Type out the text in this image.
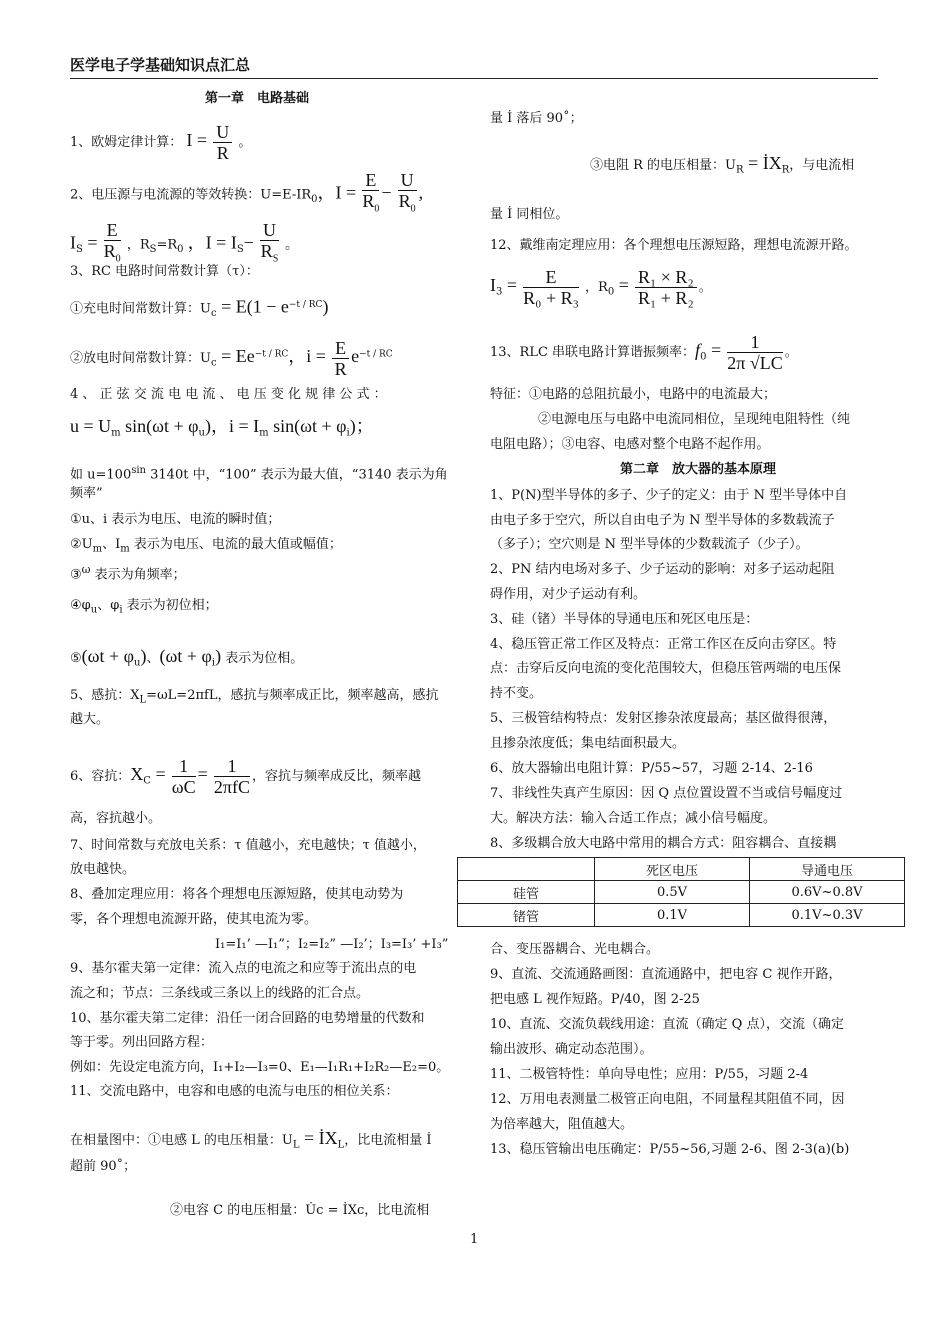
医学电子学基础知识点汇总
第一章　电路基础
1、欧姆定律计算： $I = \frac{U}{R}$ 。
2、电压源与电流源的等效转换：$U=E-IR_0$，$I = \frac{E}{R_0} - \frac{U}{R_0}$ ,
$I_S = \frac{E}{R_0}$ ，$R_S=R_0$ ，$I = I_S- \frac{U}{R_S}$ 。
3、RC 电路时间常数计算（τ）：
①充电时间常数计算：$U_c = E(1 - e^{-t / RC})$
②放电时间常数计算：$U_c = Ee^{-t / RC}$，$i = \frac{E}{R} e^{-t / RC}$
4 、 正 弦 交 流 电 电 流 、 电 压 变 化 规 律 公 式 ：
$u = U_m$ $\sin(\omega t + \varphi_u)$，$i = I_m$ $\sin(\omega t + \varphi_i)$；
如 $u=100^{sin}$ 3140t 中，“100” 表示为最大值，“3140 表示为角
频率”
①u、i 表示为电压、电流的瞬时值；
$②U_m$、$I_m$ 表示为电压、电流的最大值或幅值；
③$^\omega$ 表示为角频率；
$④\varphi_u$、$\varphi_i$ 表示为初位相；
⑤(ωt + $\varphi_u$)、$(\omega t + \varphi_i)$ 表示为位相。
5、感抗：$X_L=\omega L=2\pi fL$，感抗与频率成正比，频率越高，感抗
越大。
6、容抗：$X_C = \frac{1}{\omega C}$ =	1
2πfC
，容抗与频率成反比，频率越
高，容抗越小。
7、时间常数与充放电关系：τ 值越小，充电越快；τ 值越小，
放电越快。
8、叠加定理应用：将各个理想电压源短路，使其电动势为
零，各个理想电流源开路，使其电流为零。
I₁=I₁’ —I₁”；I₂=I₂” —I₂’；I₃=I₃’ +I₃”
9、基尔霍夫第一定律：流入点的电流之和应等于流出点的电
流之和；节点：三条线或三条以上的线路的汇合点。
10、基尔霍夫第二定律：沿任一闭合回路的电势增量的代数和
等于零。列出回路方程：
例如：先设定电流方向，I₁+I₂—I₃=0、E₁—I₁R₁+I₂R₂—E₂=0。
11、交流电路中，电容和电感的电流与电压的相位关系：
在相量图中：①电感 L 的电压相量：$U_L$ = $İX_L$，比电流相量 İ
超前 90˚；
②电容 C 的电压相量：U̇c = İXc，比电流相
量 İ 落后 90˚；
③电阻 R 的电压相量：$U_R$ = $İX_R$，与电流相
量 İ 同相位。
12、戴维南定理应用：各个理想电压源短路，理想电流源开路。
$I_3 = \frac{E}{\text{R₀ + R₃}}$ ，$R_0 = \frac{\text{R₁ × R₂}}{\text{R₁ + R₂}}$ 。
13、RLC 串联电路计算谐振频率：$f_0 = \frac{1}{2\pi √LC}$ 。
特征：①电路的总阻抗最小，电路中的电流最大；
②电源电压与电路中电流同相位，呈现纯电阻特性（纯
电阻电路）；③电容、电感对整个电路不起作用。
第二章　放大器的基本原理
1、P(N)型半导体的多子、少子的定义：由于 N 型半导体中自
由电子多于空穴，所以自由电子为 N 型半导体的多数载流子
（多子）；空穴则是 N 型半导体的少数载流子（少子）。
2、PN 结内电场对多子、少子运动的影响：对多子运动起阻
碍作用，对少子运动有利。
3、硅（锗）半导体的导通电压和死区电压是：
4、稳压管正常工作区及特点：正常工作区在反向击穿区。特
点：击穿后反向电流的变化范围较大，但稳压管两端的电压保
持不变。
5、三极管结构特点：发射区掺杂浓度最高；基区做得很薄，
且掺杂浓度低；集电结面积最大。
6、放大器输出电阻计算：P/55~57，习题 2-14、2-16
7、非线性失真产生原因：因 Q 点位置设置不当或信号幅度过
大。解决方法：输入合适工作点；减小信号幅度。
8、多级耦合放大电路中常用的耦合方式：阻容耦合、直接耦
合、变压器耦合、光电耦合。
9、直流、交流通路画图：直流通路中，把电容 C 视作开路，
把电感 L 视作短路。P/40，图 2-25
10、直流、交流负载线用途：直流（确定 Q 点），交流（确定
输出波形、确定动态范围）。
11、二极管特性：单向导电性；应用：P/55，习题 2-4
12、万用电表测量二极管正向电阻，不同量程其阻值不同，因
为倍率越大，阻值越大。
13、稳压管输出电压确定：P/55~56,习题 2-6、图 2-3(a)(b)
	死区电压	导通电压
硅管	0.5V	0.6V~0.8V
锗管	0.1V	0.1V~0.3V
1
